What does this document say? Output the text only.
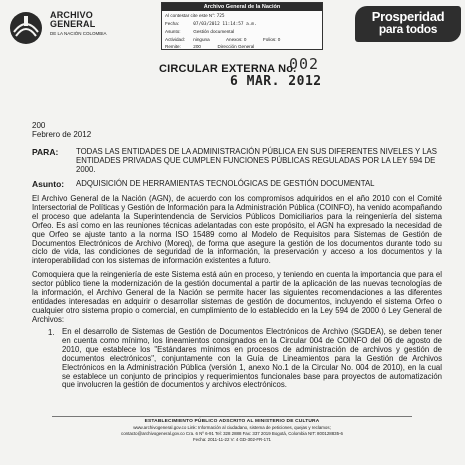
ARCHIVO
GENERAL
DE LA NACIÓN COLOMBIA
Archivo General de la Nación
Al contestar cite este N°: 725
Fecha:	07/03/2012 11:14:57 a.m.
Asunto:	Gestión documental
Actividad: ninguna	Anexos: 0	Folios: 0
Remite:	200	Dirección General
Prosperidad
para todos
CIRCULAR EXTERNA No.
002
6 MAR. 2012
200
Febrero de 2012
PARA: TODAS LAS ENTIDADES DE LA ADMINISTRACIÓN PÚBLICA EN SUS DIFERENTES NIVELES Y LAS ENTIDADES PRIVADAS QUE CUMPLEN FUNCIONES PÚBLICAS REGULADAS POR LA LEY 594 DE 2000.
Asunto: ADQUISICIÓN DE HERRAMIENTAS TECNOLÓGICAS DE GESTIÓN DOCUMENTAL
El Archivo General de la Nación (AGN), de acuerdo con los compromisos adquiridos en el año 2010 con el Comité Intersectorial de Políticas y Gestión de Información para la Administración Pública (COINFO), ha venido acompañando el proceso que adelanta la Superintendencia de Servicios Públicos Domiciliarios para la reingeniería del sistema Orfeo. Es así como en las reuniones técnicas adelantadas con este propósito, el AGN ha expresado la necesidad de que Orfeo se ajuste tanto a la norma ISO 15489 como al Modelo de Requisitos para Sistemas de Gestión de Documentos Electrónicos de Archivo (Moreq), de forma que asegure la gestión de los documentos durante todo su ciclo de vida, las condiciones de seguridad de la información, la preservación y acceso a los documentos y la interoperabilidad con los sistemas de información existentes a futuro.
Comoquiera que la reingeniería de este Sistema está aún en proceso, y teniendo en cuenta la importancia que para el sector público tiene la modernización de la gestión documental a partir de la aplicación de las nuevas tecnologías de la información, el Archivo General de la Nación se permite hacer las siguientes recomendaciones a las diferentes entidades interesadas en adquirir o desarrollar sistemas de gestión de documentos, incluyendo el sistema Orfeo o cualquier otro sistema propio o comercial, en cumplimiento de lo establecido en la Ley 594 de 2000 ó Ley General de Archivos:
1. En el desarrollo de Sistemas de Gestión de Documentos Electrónicos de Archivo (SGDEA), se deben tener en cuenta como mínimo, los lineamientos consignados en la Circular 004 de COINFO del 06 de agosto de 2010, que establece los "Estándares mínimos en procesos de administración de archivos y gestión de documentos electrónicos", conjuntamente con la Guía de Lineamientos para la Gestión de Archivos Electrónicos en la Administración Pública (versión 1, anexo No.1 de la Circular No. 004 de 2010), en la cual se establece un conjunto de principios y requerimientos funcionales base para proyectos de automatización que involucren la gestión de documentos y archivos electrónicos.
ESTABLECIMIENTO PÚBLICO ADSCRITO AL MINISTERIO DE CULTURA
www.archivogeneral.gov.co Link: Información al ciudadano, sistema de peticiones, quejas y reclamos;
contacto@archivogeneral.gov.co Cra. 6 Nº 6-91 Tel: 328 2888 Fax: 337 2019 Bogotá, Colombia NIT: 800128835-6
Fecha: 2011-11-22 V: 4 GD-302-FR-171
